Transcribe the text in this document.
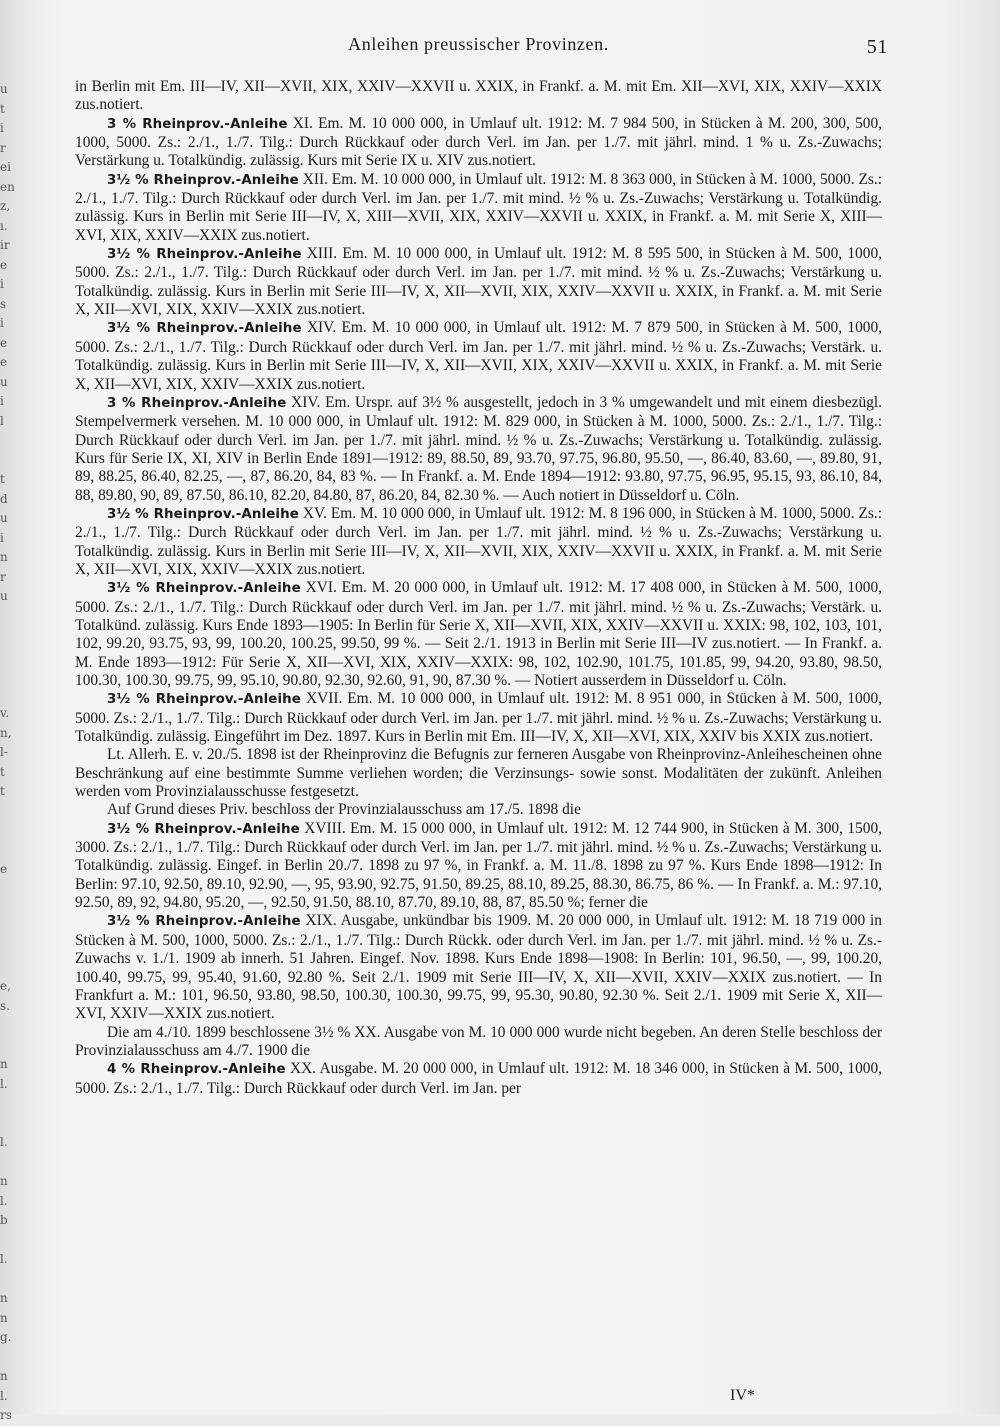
u
t
i
r
ei
en
z,
ı.
ir
e
i
s
i
e
e
u
i
l
t
d
u
i
n
r
u
v.
n,
l-
t
t
e
e,
s.
n
l.
l.
n
l.
b
l.
n
n
g.
n
l.
rs
Anleihen preussischer Provinzen.	51
in Berlin mit Em. III—IV, XII—XVII, XIX, XXIV—XXVII u. XXIX, in Frankf. a. M. mit Em. XII—XVI, XIX, XXIV—XXIX zus.notiert.
3 % Rheinprov.-Anleihe XI. Em. M. 10 000 000, in Umlauf ult. 1912: M. 7 984 500, in Stücken à M. 200, 300, 500, 1000, 5000. Zs.: 2./1., 1./7. Tilg.: Durch Rückkauf oder durch Verl. im Jan. per 1./7. mit jährl. mind. 1 % u. Zs.-Zuwachs; Verstärkung u. Totalkündig. zulässig. Kurs mit Serie IX u. XIV zus.notiert.
3½ % Rheinprov.-Anleihe XII. Em. M. 10 000 000, in Umlauf ult. 1912: M. 8 363 000, in Stücken à M. 1000, 5000. Zs.: 2./1., 1./7. Tilg.: Durch Rückkauf oder durch Verl. im Jan. per 1./7. mit mind. ½ % u. Zs.-Zuwachs; Verstärkung u. Totalkündig. zulässig. Kurs in Berlin mit Serie III—IV, X, XIII—XVII, XIX, XXIV—XXVII u. XXIX, in Frankf. a. M. mit Serie X, XIII—XVI, XIX, XXIV—XXIX zus.notiert.
3½ % Rheinprov.-Anleihe XIII. Em. M. 10 000 000, in Umlauf ult. 1912: M. 8 595 500, in Stücken à M. 500, 1000, 5000. Zs.: 2./1., 1./7. Tilg.: Durch Rückkauf oder durch Verl. im Jan. per 1./7. mit mind. ½ % u. Zs.-Zuwachs; Verstärkung u. Totalkündig. zulässig. Kurs in Berlin mit Serie III—IV, X, XII—XVII, XIX, XXIV—XXVII u. XXIX, in Frankf. a. M. mit Serie X, XII—XVI, XIX, XXIV—XXIX zus.notiert.
3½ % Rheinprov.-Anleihe XIV. Em. M. 10 000 000, in Umlauf ult. 1912: M. 7 879 500, in Stücken à M. 500, 1000, 5000. Zs.: 2./1., 1./7. Tilg.: Durch Rückkauf oder durch Verl. im Jan. per 1./7. mit jährl. mind. ½ % u. Zs.-Zuwachs; Verstärk. u. Totalkündig. zulässig. Kurs in Berlin mit Serie III—IV, X, XII—XVII, XIX, XXIV—XXVII u. XXIX, in Frankf. a. M. mit Serie X, XII—XVI, XIX, XXIV—XXIX zus.notiert.
3 % Rheinprov.-Anleihe XIV. Em. Urspr. auf 3½ % ausgestellt, jedoch in 3 % umgewandelt und mit einem diesbezügl. Stempelvermerk versehen. M. 10 000 000, in Umlauf ult. 1912: M. 829 000, in Stücken à M. 1000, 5000. Zs.: 2./1., 1./7. Tilg.: Durch Rückkauf oder durch Verl. im Jan. per 1./7. mit jährl. mind. ½ % u. Zs.-Zuwachs; Verstärkung u. Totalkündig. zulässig. Kurs für Serie IX, XI, XIV in Berlin Ende 1891—1912: 89, 88.50, 89, 93.70, 97.75, 96.80, 95.50, —, 86.40, 83.60, —, 89.80, 91, 89, 88.25, 86.40, 82.25, —, 87, 86.20, 84, 83 %. — In Frankf. a. M. Ende 1894—1912: 93.80, 97.75, 96.95, 95.15, 93, 86.10, 84, 88, 89.80, 90, 89, 87.50, 86.10, 82.20, 84.80, 87, 86.20, 84, 82.30 %. — Auch notiert in Düsseldorf u. Cöln.
3½ % Rheinprov.-Anleihe XV. Em. M. 10 000 000, in Umlauf ult. 1912: M. 8 196 000, in Stücken à M. 1000, 5000. Zs.: 2./1., 1./7. Tilg.: Durch Rückkauf oder durch Verl. im Jan. per 1./7. mit jährl. mind. ½ % u. Zs.-Zuwachs; Verstärkung u. Totalkündig. zulässig. Kurs in Berlin mit Serie III—IV, X, XII—XVII, XIX, XXIV—XXVII u. XXIX, in Frankf. a. M. mit Serie X, XII—XVI, XIX, XXIV—XXIX zus.notiert.
3½ % Rheinprov.-Anleihe XVI. Em. M. 20 000 000, in Umlauf ult. 1912: M. 17 408 000, in Stücken à M. 500, 1000, 5000. Zs.: 2./1., 1./7. Tilg.: Durch Rückkauf oder durch Verl. im Jan. per 1./7. mit jährl. mind. ½ % u. Zs.-Zuwachs; Verstärk. u. Totalkünd. zulässig. Kurs Ende 1893—1905: In Berlin für Serie X, XII—XVII, XIX, XXIV—XXVII u. XXIX: 98, 102, 103, 101, 102, 99.20, 93.75, 93, 99, 100.20, 100.25, 99.50, 99 %. — Seit 2./1. 1913 in Berlin mit Serie III—IV zus.notiert. — In Frankf. a. M. Ende 1893—1912: Für Serie X, XII—XVI, XIX, XXIV—XXIX: 98, 102, 102.90, 101.75, 101.85, 99, 94.20, 93.80, 98.50, 100.30, 100.30, 99.75, 99, 95.10, 90.80, 92.30, 92.60, 91, 90, 87.30 %. — Notiert ausserdem in Düsseldorf u. Cöln.
3½ % Rheinprov.-Anleihe XVII. Em. M. 10 000 000, in Umlauf ult. 1912: M. 8 951 000, in Stücken à M. 500, 1000, 5000. Zs.: 2./1., 1./7. Tilg.: Durch Rückkauf oder durch Verl. im Jan. per 1./7. mit jährl. mind. ½ % u. Zs.-Zuwachs; Verstärkung u. Totalkündig. zulässig. Eingeführt im Dez. 1897. Kurs in Berlin mit Em. III—IV, X, XII—XVI, XIX, XXIV bis XXIX zus.notiert.
Lt. Allerh. E. v. 20./5. 1898 ist der Rheinprovinz die Befugnis zur ferneren Ausgabe von Rheinprovinz-Anleihescheinen ohne Beschränkung auf eine bestimmte Summe verliehen worden; die Verzinsungs- sowie sonst. Modalitäten der zukünft. Anleihen werden vom Provinzialausschusse festgesetzt.
Auf Grund dieses Priv. beschloss der Provinzialausschuss am 17./5. 1898 die
3½ % Rheinprov.-Anleihe XVIII. Em. M. 15 000 000, in Umlauf ult. 1912: M. 12 744 900, in Stücken à M. 300, 1500, 3000. Zs.: 2./1., 1./7. Tilg.: Durch Rückkauf oder durch Verl. im Jan. per 1./7. mit jährl. mind. ½ % u. Zs.-Zuwachs; Verstärkung u. Totalkündig. zulässig. Eingef. in Berlin 20./7. 1898 zu 97 %, in Frankf. a. M. 11./8. 1898 zu 97 %. Kurs Ende 1898—1912: In Berlin: 97.10, 92.50, 89.10, 92.90, —, 95, 93.90, 92.75, 91.50, 89.25, 88.10, 89.25, 88.30, 86.75, 86 %. — In Frankf. a. M.: 97.10, 92.50, 89, 92, 94.80, 95.20, —, 92.50, 91.50, 88.10, 87.70, 89.10, 88, 87, 85.50 %; ferner die
3½ % Rheinprov.-Anleihe XIX. Ausgabe, unkündbar bis 1909. M. 20 000 000, in Umlauf ult. 1912: M. 18 719 000 in Stücken à M. 500, 1000, 5000. Zs.: 2./1., 1./7. Tilg.: Durch Rückk. oder durch Verl. im Jan. per 1./7. mit jährl. mind. ½ % u. Zs.-Zuwachs v. 1./1. 1909 ab innerh. 51 Jahren. Eingef. Nov. 1898. Kurs Ende 1898—1908: In Berlin: 101, 96.50, —, 99, 100.20, 100.40, 99.75, 99, 95.40, 91.60, 92.80 %. Seit 2./1. 1909 mit Serie III—IV, X, XII—XVII, XXIV—XXIX zus.notiert. — In Frankfurt a. M.: 101, 96.50, 93.80, 98.50, 100.30, 100.30, 99.75, 99, 95.30, 90.80, 92.30 %. Seit 2./1. 1909 mit Serie X, XII—XVI, XXIV—XXIX zus.notiert.
Die am 4./10. 1899 beschlossene 3½ % XX. Ausgabe von M. 10 000 000 wurde nicht begeben. An deren Stelle beschloss der Provinzialausschuss am 4./7. 1900 die
4 % Rheinprov.-Anleihe XX. Ausgabe. M. 20 000 000, in Umlauf ult. 1912: M. 18 346 000, in Stücken à M. 500, 1000, 5000. Zs.: 2./1., 1./7. Tilg.: Durch Rückkauf oder durch Verl. im Jan. per
IV*
